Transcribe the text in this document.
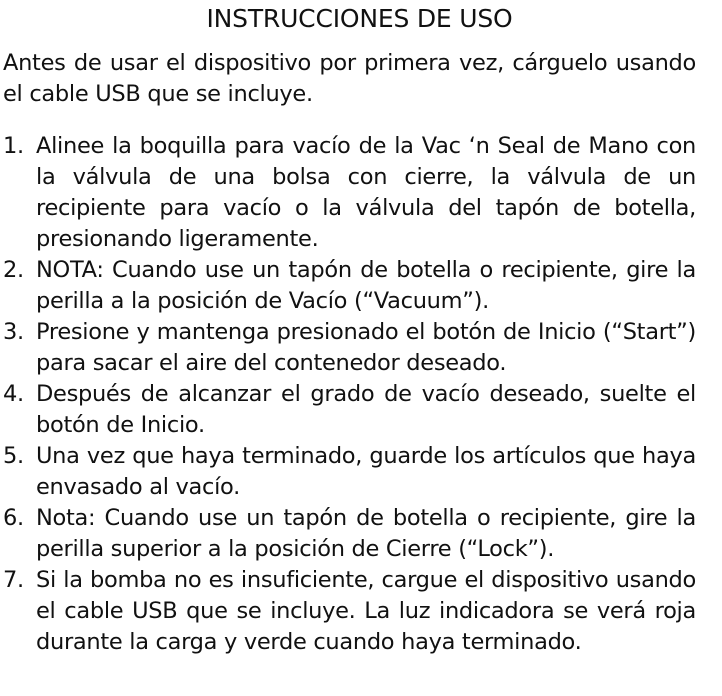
INSTRUCCIONES DE USO

Antes de usar el dispositivo por primera vez, cárguelo usando el cable USB que se incluye.

1. Alinee la boquilla para vacío de la Vac ‘n Seal de Mano con la válvula de una bolsa con cierre, la válvula de un recipiente para vacío o la válvula del tapón de botella, presionando ligeramente.
2. NOTA: Cuando use un tapón de botella o recipiente, gire la perilla a la posición de Vacío (“Vacuum”).
3. Presione y mantenga presionado el botón de Inicio (“Start”) para sacar el aire del contenedor deseado.
4. Después de alcanzar el grado de vacío deseado, suelte el botón de Inicio.
5. Una vez que haya terminado, guarde los artículos que haya envasado al vacío.
6. Nota: Cuando use un tapón de botella o recipiente, gire la perilla superior a la posición de Cierre (“Lock”).
7. Si la bomba no es insuficiente, cargue el dispositivo usando el cable USB que se incluye. La luz indicadora se verá roja durante la carga y verde cuando haya terminado.
